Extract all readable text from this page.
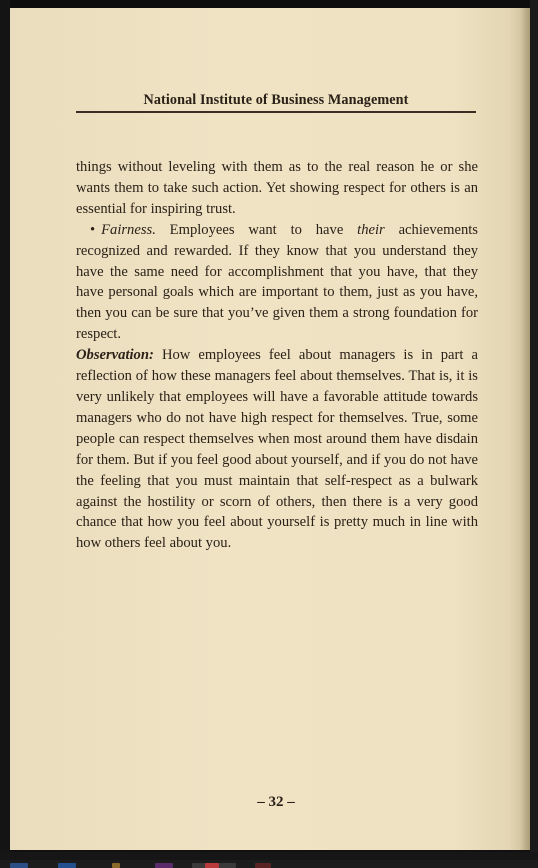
National Institute of Business Management

things without leveling with them as to the real reason he or she wants them to take such action. Yet showing respect for others is an essential for inspiring trust.

• Fairness. Employees want to have their achievements recognized and rewarded. If they know that you understand they have the same need for accomplishment that you have, that they have personal goals which are important to them, just as you have, then you can be sure that you’ve given them a strong foundation for respect.

Observation: How employees feel about managers is in part a reflection of how these managers feel about themselves. That is, it is very unlikely that employees will have a favorable attitude towards managers who do not have high respect for themselves. True, some people can respect themselves when most around them have disdain for them. But if you feel good about yourself, and if you do not have the feeling that you must maintain that self-respect as a bulwark against the hostility or scorn of others, then there is a very good chance that how you feel about yourself is pretty much in line with how others feel about you.

– 32 –
